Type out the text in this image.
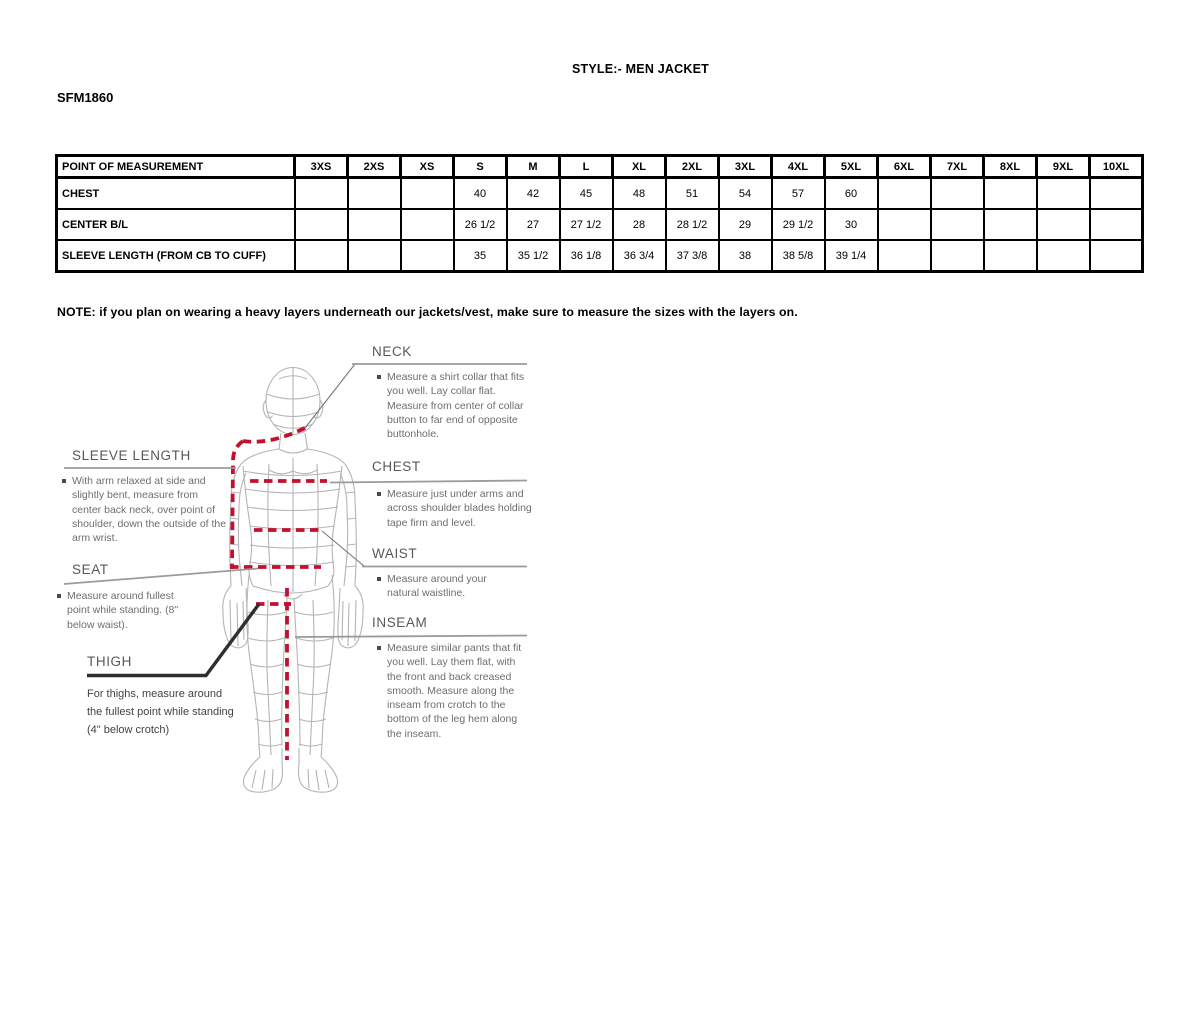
STYLE:- MEN JACKET
SFM1860
POINT OF MEASUREMENT	3XS	2XS	XS	S	M	L	XL	2XL	3XL	4XL	5XL	6XL	7XL	8XL	9XL	10XL
CHEST				40	42	45	48	51	54	57	60					
CENTER B/L				26 1/2	27	27 1/2	28	28 1/2	29	29 1/2	30					
SLEEVE LENGTH (FROM CB TO CUFF)				35	35 1/2	36 1/8	36 3/4	37 3/8	38	38 5/8	39 1/4					
NOTE: if you plan on wearing a heavy layers underneath our jackets/vest, make sure to measure the sizes with the layers on.
NECK
Measure a shirt collar that fits you well. Lay collar flat. Measure from center of collar button to far end of opposite buttonhole.
CHEST
Measure just under arms and across shoulder blades holding tape firm and level.
WAIST
Measure around your natural waistline.
INSEAM
Measure similar pants that fit you well. Lay them flat, with the front and back creased smooth. Measure along the inseam from crotch to the bottom of the leg hem along the inseam.
SLEEVE LENGTH
With arm relaxed at side and slightly bent, measure from center back neck, over point of shoulder, down the outside of the arm wrist.
SEAT
Measure around fullest point while standing. (8" below waist).
THIGH
For thighs, measure around the fullest point while standing (4" below crotch)
